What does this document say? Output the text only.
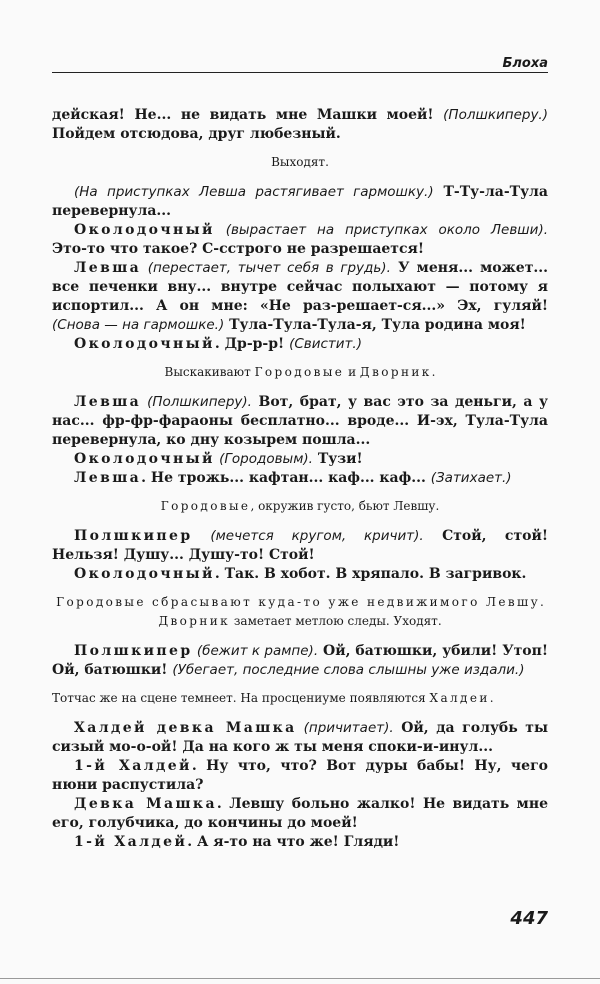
Блоха

дейская! Не... не видать мне Машки моей! (Полшкиперу.) Пойдем отсюдова, друг любезный.

Выходят.

(На приступках Левша растягивает гармошку.) Т-Ту-ла-Тула перевернула...

Околодочный (вырастает на приступках около Левши). Это-то что такое? С-сстрого не разрешается!

Левша (перестает, тычет себя в грудь). У меня... может... все печенки вну... внутре сейчас полыхают — потому я испортил... А он мне: «Не раз-решает-ся...» Эх, гуляй! (Снова — на гармошке.) Тула-Тула-Тула-я, Тула родина моя!

Околодочный. Др-р-р! (Свистит.)

Выскакивают Городовые и Дворник.

Левша (Полшкиперу). Вот, брат, у вас это за деньги, а у нас... фр-фр-фараоны бесплатно... вроде... И-эх, Тула-Тула перевернула, ко дну козырем пошла...

Околодочный (Городовым). Тузи!

Левша. Не трожь... кафтан... каф... каф... (Затихает.)

Городовые, окружив густо, бьют Левшу.

Полшкипер (мечется кругом, кричит). Стой, стой! Нельзя! Душу... Душу-то! Стой!

Околодочный. Так. В хобот. В хряпало. В загривок.

Городовые сбрасывают куда-то уже недвижимого Левшу. Дворник заметает метлою следы. Уходят.

Полшкипер (бежит к рампе). Ой, батюшки, убили! Утоп! Ой, батюшки! (Убегает, последние слова слышны уже издали.)

Тотчас же на сцене темнеет. На просцениуме появляются Халдеи.

Халдей девка Машка (причитает). Ой, да голубь ты сизый мо-о-ой! Да на кого ж ты меня споки-и-инул...

1-й Халдей. Ну что, что? Вот дуры бабы! Ну, чего нюни распустила?

Девка Машка. Левшу больно жалко! Не видать мне его, голубчика, до кончины до моей!

1-й Халдей. А я-то на что же! Гляди!

447
